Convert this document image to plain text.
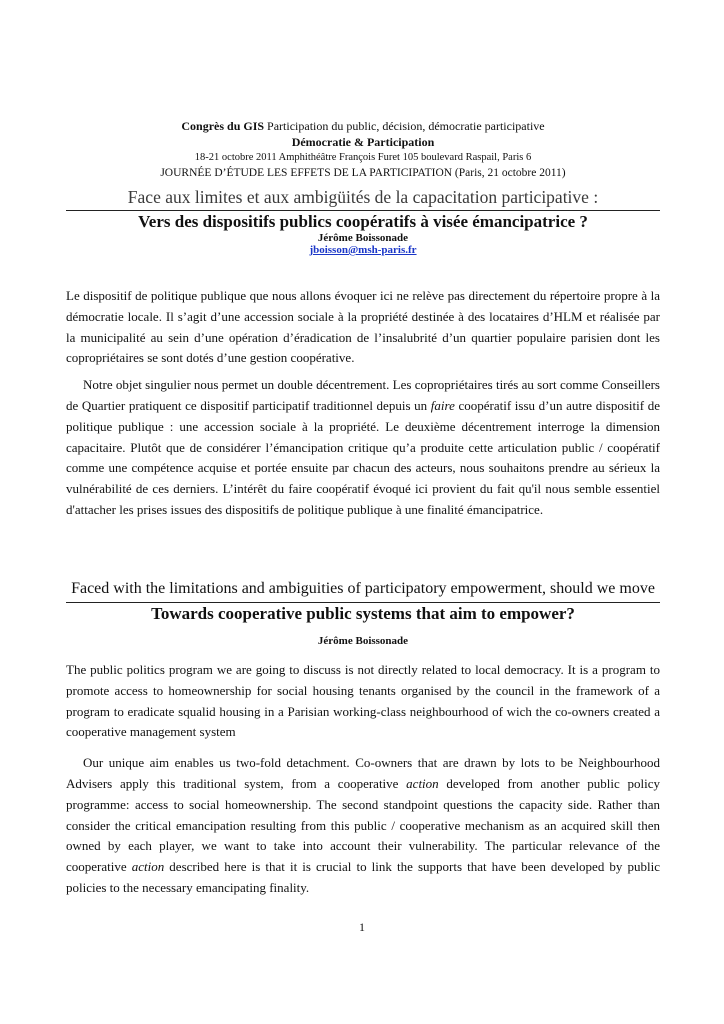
Congrès du GIS Participation du public, décision, démocratie participative
Démocratie & Participation
18-21 octobre 2011 Amphithéâtre François Furet 105 boulevard Raspail, Paris 6
JOURNÉE D’ÉTUDE LES EFFETS DE LA PARTICIPATION (Paris, 21 octobre 2011)
Face aux limites et aux ambigüités de la capacitation participative :
Vers des dispositifs publics coopératifs à visée émancipatrice ?
Jérôme Boissonade
jboisson@msh-paris.fr

Le dispositif de politique publique que nous allons évoquer ici ne relève pas directement du répertoire propre à la démocratie locale. Il s’agit d’une accession sociale à la propriété destinée à des locataires d’HLM et réalisée par la municipalité au sein d’une opération d’éradication de l’insalubrité d’un quartier populaire parisien dont les copropriétaires se sont dotés d’une gestion coopérative.

Notre objet singulier nous permet un double décentrement. Les copropriétaires tirés au sort comme Conseillers de Quartier pratiquent ce dispositif participatif traditionnel depuis un faire coopératif issu d’un autre dispositif de politique publique : une accession sociale à la propriété. Le deuxième décentrement interroge la dimension capacitaire. Plutôt que de considérer l’émancipation critique qu’a produite cette articulation public / coopératif comme une compétence acquise et portée ensuite par chacun des acteurs, nous souhaitons prendre au sérieux la vulnérabilité de ces derniers. L’intérêt du faire coopératif évoqué ici provient du fait qu'il nous semble essentiel d'attacher les prises issues des dispositifs de politique publique à une finalité émancipatrice.

Faced with the limitations and ambiguities of participatory empowerment, should we move
Towards cooperative public systems that aim to empower?
Jérôme Boissonade

The public politics program we are going to discuss is not directly related to local democracy. It is a program to promote access to homeownership for social housing tenants organised by the council in the framework of a program to eradicate squalid housing in a Parisian working-class neighbourhood of wich the co-owners created a cooperative management system

Our unique aim enables us two-fold detachment. Co-owners that are drawn by lots to be Neighbourhood Advisers apply this traditional system, from a cooperative action developed from another public policy programme: access to social homeownership. The second standpoint questions the capacity side. Rather than consider the critical emancipation resulting from this public / cooperative mechanism as an acquired skill then owned by each player, we want to take into account their vulnerability. The particular relevance of the cooperative action described here is that it is crucial to link the supports that have been developed by public policies to the necessary emancipating finality.

1
